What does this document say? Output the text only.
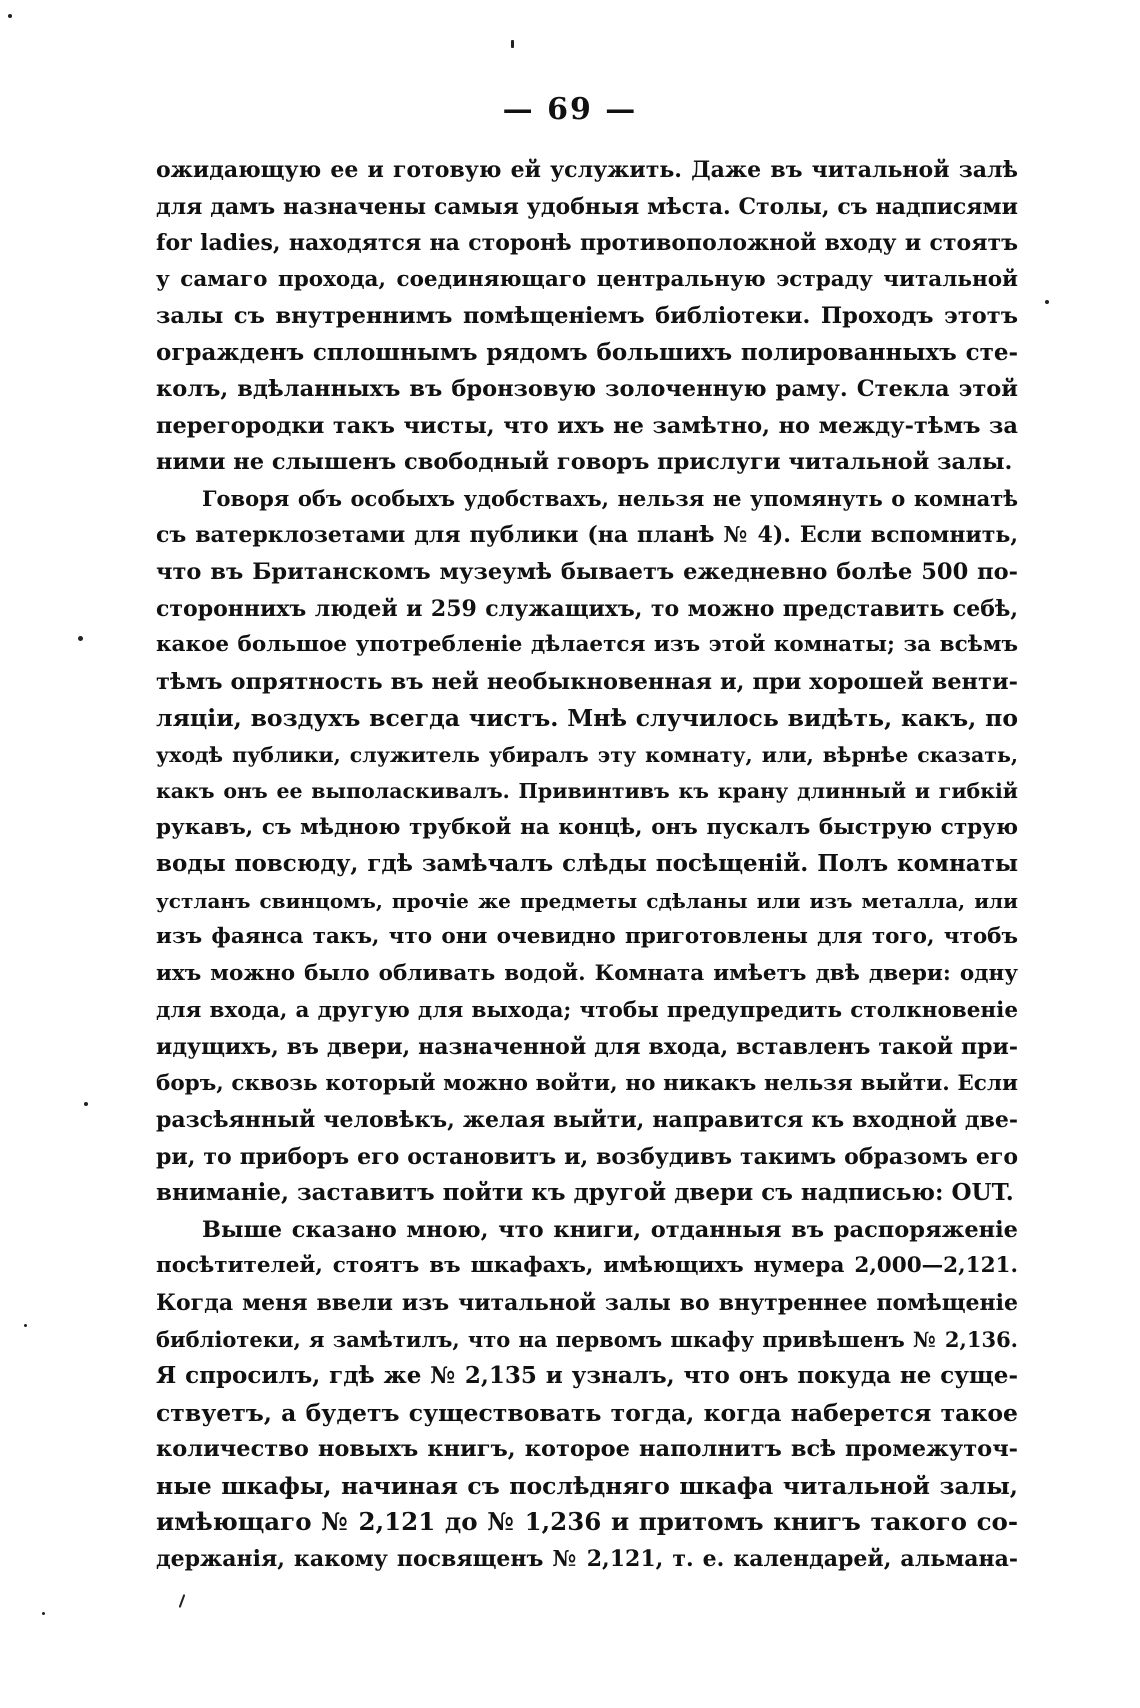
— 69 —
ожидающую ее и готовую ей услужить. Даже въ читальной залѣ
для дамъ назначены самыя удобныя мѣста. Столы, съ надписями
for ladies, находятся на сторонѣ противоположной входу и стоятъ
у самаго прохода, соединяющаго центральную эстраду читальной
залы съ внутреннимъ помѣщеніемъ библіотеки. Проходъ этотъ
огражденъ сплошнымъ рядомъ большихъ полированныхъ сте-
колъ, вдѣланныхъ въ бронзовую золоченную раму. Стекла этой
перегородки такъ чисты, что ихъ не замѣтно, но между-тѣмъ за
ними не слышенъ свободный говоръ прислуги читальной залы.
Говоря объ особыхъ удобствахъ, нельзя не упомянуть о комнатѣ
съ ватерклозетами для публики (на планѣ № 4). Если вспомнить,
что въ Британскомъ музеумѣ бываетъ ежедневно болѣе 500 по-
стороннихъ людей и 259 служащихъ, то можно представить себѣ,
какое большое употребленіе дѣлается изъ этой комнаты; за всѣмъ
тѣмъ опрятность въ ней необыкновенная и, при хорошей венти-
ляціи, воздухъ всегда чистъ. Мнѣ случилось видѣть, какъ, по
уходѣ публики, служитель убиралъ эту комнату, или, вѣрнѣе сказать,
какъ онъ ее выполаскивалъ. Привинтивъ къ крану длинный и гибкій
рукавъ, съ мѣдною трубкой на концѣ, онъ пускалъ быструю струю
воды повсюду, гдѣ замѣчалъ слѣды посѣщеній. Полъ комнаты
устланъ свинцомъ, прочіе же предметы сдѣланы или изъ металла, или
изъ фаянса такъ, что они очевидно приготовлены для того, чтобъ
ихъ можно было обливать водой. Комната имѣетъ двѣ двери: одну
для входа, а другую для выхода; чтобы предупредить столкновеніе
идущихъ, въ двери, назначенной для входа, вставленъ такой при-
боръ, сквозь который можно войти, но никакъ нельзя выйти. Если
разсѣянный человѣкъ, желая выйти, направится къ входной две-
ри, то приборъ его остановитъ и, возбудивъ такимъ образомъ его
вниманіе, заставитъ пойти къ другой двери съ надписью: OUT.
Выше сказано мною, что книги, отданныя въ распоряженіе
посѣтителей, стоятъ въ шкафахъ, имѣющихъ нумера 2,000—2,121.
Когда меня ввели изъ читальной залы во внутреннее помѣщеніе
библіотеки, я замѣтилъ, что на первомъ шкафу привѣшенъ № 2,136.
Я спросилъ, гдѣ же № 2,135 и узналъ, что онъ покуда не суще-
ствуетъ, а будетъ существовать тогда, когда наберется такое
количество новыхъ книгъ, которое наполнитъ всѣ промежуточ-
ные шкафы, начиная съ послѣдняго шкафа читальной залы,
имѣющаго № 2,121 до № 1,236 и притомъ книгъ такого со-
держанія, какому посвященъ № 2,121, т. е. календарей, альмана-
